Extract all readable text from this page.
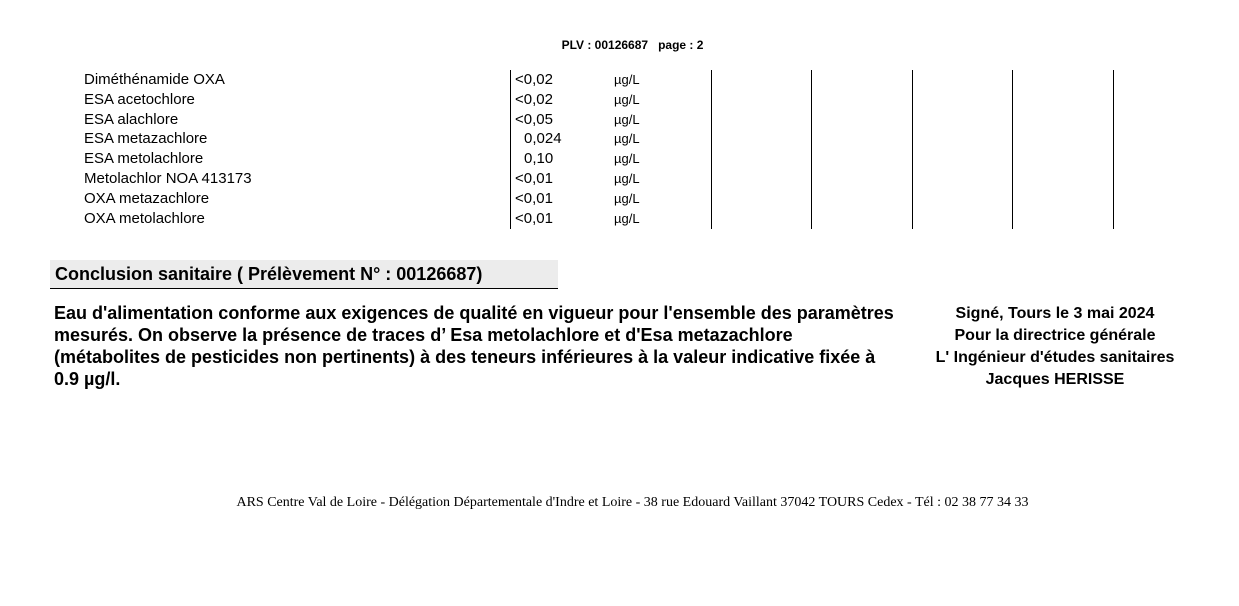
PLV : 00126687 page : 2
Diméthénamide OXA	<0,02	µg/L
ESA acetochlore	<0,02	µg/L
ESA alachlore	<0,05	µg/L
ESA metazachlore	0,024	µg/L
ESA metolachlore	0,10	µg/L
Metolachlor NOA 413173	<0,01	µg/L
OXA metazachlore	<0,01	µg/L
OXA metolachlore	<0,01	µg/L
Conclusion sanitaire ( Prélèvement N° : 00126687)
Eau d'alimentation conforme aux exigences de qualité en vigueur pour l'ensemble des paramètres mesurés. On observe la présence de traces d’ Esa metolachlore et d'Esa metazachlore (métabolites de pesticides non pertinents) à des teneurs inférieures à la valeur indicative fixée à 0.9 µg/l.
Signé, Tours le 3 mai 2024
Pour la directrice générale
L' Ingénieur d'études sanitaires
Jacques HERISSE
ARS Centre Val de Loire - Délégation Départementale d'Indre et Loire - 38 rue Edouard Vaillant 37042 TOURS Cedex - Tél : 02 38 77 34 33
